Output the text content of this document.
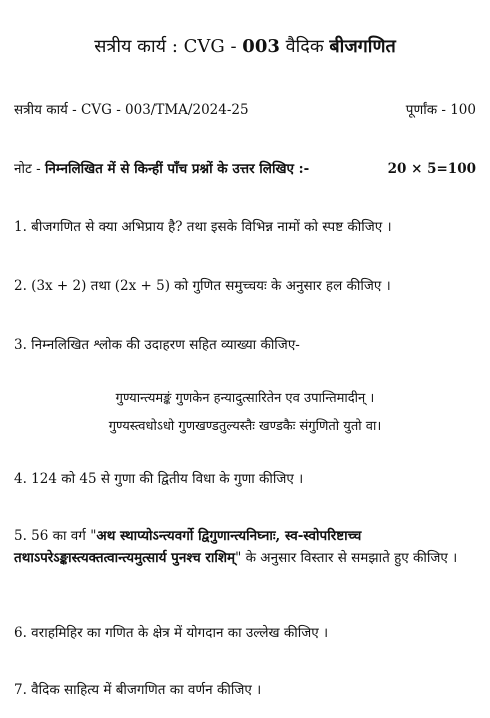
सत्रीय कार्य : CVG - 003 वैदिक बीजगणित
सत्रीय कार्य - CVG - 003/TMA/2024-25	पूर्णांक - 100
नोट - निम्नलिखित में से किन्हीं पाँच प्रश्नों के उत्तर लिखिए :-	20 × 5=100
1. बीजगणित से क्या अभिप्राय है? तथा इसके विभिन्न नामों को स्पष्ट कीजिए ।
2. (3x + 2) तथा (2x + 5) को गुणित समुच्चयः के अनुसार हल कीजिए ।
3. निम्नलिखित श्लोक की उदाहरण सहित व्याख्या कीजिए-
गुण्यान्त्यमङ्कं गुणकेन हन्यादुत्सारितेन एव उपान्तिमादीन् ।
गुण्यस्त्वधोऽधो गुणखण्डतुल्यस्तैः खण्डकैः संगुणितो युतो वा।
4. 124 को 45 से गुणा की द्वितीय विधा के गुणा कीजिए ।
5. 56 का वर्ग "अथ स्थाप्योऽन्त्यवर्गो द्विगुणान्त्यनिघ्नाः, स्व-स्वोपरिष्टाच्च तथाऽपरेऽङ्कास्त्यक्तत्वान्त्यमुत्सार्य पुनश्च राशिम्" के अनुसार विस्तार से समझाते हुए कीजिए ।
6. वराहमिहिर का गणित के क्षेत्र में योगदान का उल्लेख कीजिए ।
7. वैदिक साहित्य में बीजगणित का वर्णन कीजिए ।
